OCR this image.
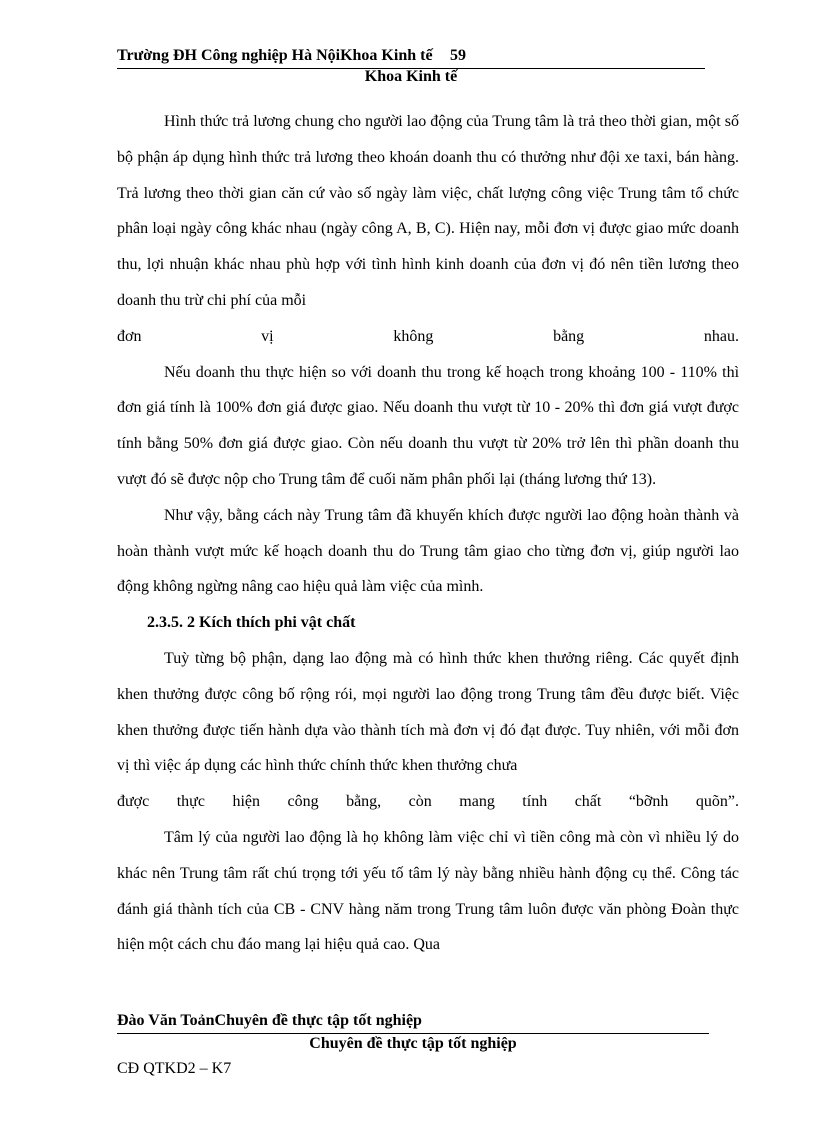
Trường ĐH Công nghiệp Hà NộiKhoa Kinh tế 59
Khoa Kinh tế

Hình thức trả lương chung cho người lao động của Trung tâm là trả theo thời gian, một số bộ phận áp dụng hình thức trả lương theo khoán doanh thu có thưởng như đội xe taxi, bán hàng. Trả lương theo thời gian căn cứ vào số ngày làm việc, chất lượng công việc Trung tâm tổ chức phân loại ngày công khác nhau (ngày công A, B, C). Hiện nay, mỗi đơn vị được giao mức doanh thu, lợi nhuận khác nhau phù hợp với tình hình kinh doanh của đơn vị đó nên tiền lương theo doanh thu trừ chi phí của mỗi

đơn vị không bằng nhau.

Nếu doanh thu thực hiện so với doanh thu trong kế hoạch trong khoảng 100 - 110% thì đơn giá tính là 100% đơn giá được giao. Nếu doanh thu vượt từ 10 - 20% thì đơn giá vượt được tính bằng 50% đơn giá được giao. Còn nếu doanh thu vượt từ 20% trở lên thì phần doanh thu vượt đó sẽ được nộp cho Trung tâm để cuối năm phân phối lại (tháng lương thứ 13).

Như vậy, bằng cách này Trung tâm đã khuyến khích được người lao động hoàn thành và hoàn thành vượt mức kế hoạch doanh thu do Trung tâm giao cho từng đơn vị, giúp người lao động không ngừng nâng cao hiệu quả làm việc của mình.

2.3.5. 2 Kích thích phi vật chất

Tuỳ từng bộ phận, dạng lao động mà có hình thức khen thưởng riêng. Các quyết định khen thưởng được công bố rộng rói, mọi người lao động trong Trung tâm đều được biết. Việc khen thưởng được tiến hành dựa vào thành tích mà đơn vị đó đạt được. Tuy nhiên, với mỗi đơn vị thì việc áp dụng các hình thức chính thức khen thưởng chưa

được thực hiện công bằng, còn mang tính chất “bỡnh quõn”.

Tâm lý của người lao động là họ không làm việc chỉ vì tiền công mà còn vì nhiều lý do khác nên Trung tâm rất chú trọng tới yếu tố tâm lý này bằng nhiều hành động cụ thể. Công tác đánh giá thành tích của CB - CNV hàng năm trong Trung tâm luôn được văn phòng Đoàn thực hiện một cách chu đáo mang lại hiệu quả cao. Qua

Đào Văn ToảnChuyên đề thực tập tốt nghiệp
Chuyên đề thực tập tốt nghiệp
CĐ QTKD2 – K7
